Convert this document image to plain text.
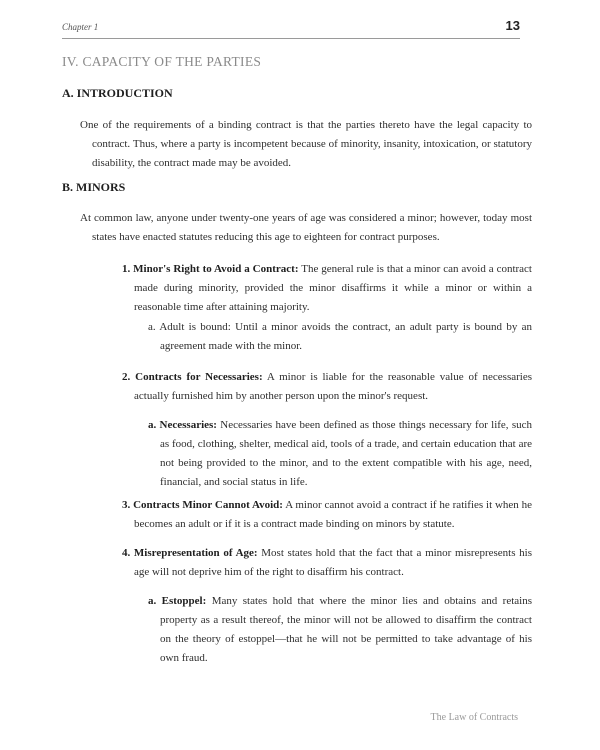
Chapter 1	13
IV. CAPACITY OF THE PARTIES
A. INTRODUCTION

One of the requirements of a binding contract is that the parties thereto have the legal capacity to contract. Thus, where a party is incompetent because of minority, insanity, intoxication, or statutory disability, the contract made may be avoided.

B. MINORS

At common law, anyone under twenty-one years of age was considered a minor; however, today most states have enacted statutes reducing this age to eighteen for contract purposes.

1. Minor's Right to Avoid a Contract: The general rule is that a minor can avoid a contract made during minority, provided the minor disaffirms it while a minor or within a reasonable time after attaining majority.

a. Adult is bound: Until a minor avoids the contract, an adult party is bound by an agreement made with the minor.

2. Contracts for Necessaries: A minor is liable for the reasonable value of necessaries actually furnished him by another person upon the minor's request.

a. Necessaries: Necessaries have been defined as those things necessary for life, such as food, clothing, shelter, medical aid, tools of a trade, and certain education that are not being provided to the minor, and to the extent compatible with his age, need, financial, and social status in life.

3. Contracts Minor Cannot Avoid: A minor cannot avoid a contract if he ratifies it when he becomes an adult or if it is a contract made binding on minors by statute.

4. Misrepresentation of Age: Most states hold that the fact that a minor misrepresents his age will not deprive him of the right to disaffirm his contract.

a. Estoppel: Many states hold that where the minor lies and obtains and retains property as a result thereof, the minor will not be allowed to disaffirm the contract on the theory of estoppel—that he will not be permitted to take advantage of his own fraud.

The Law of Contracts
